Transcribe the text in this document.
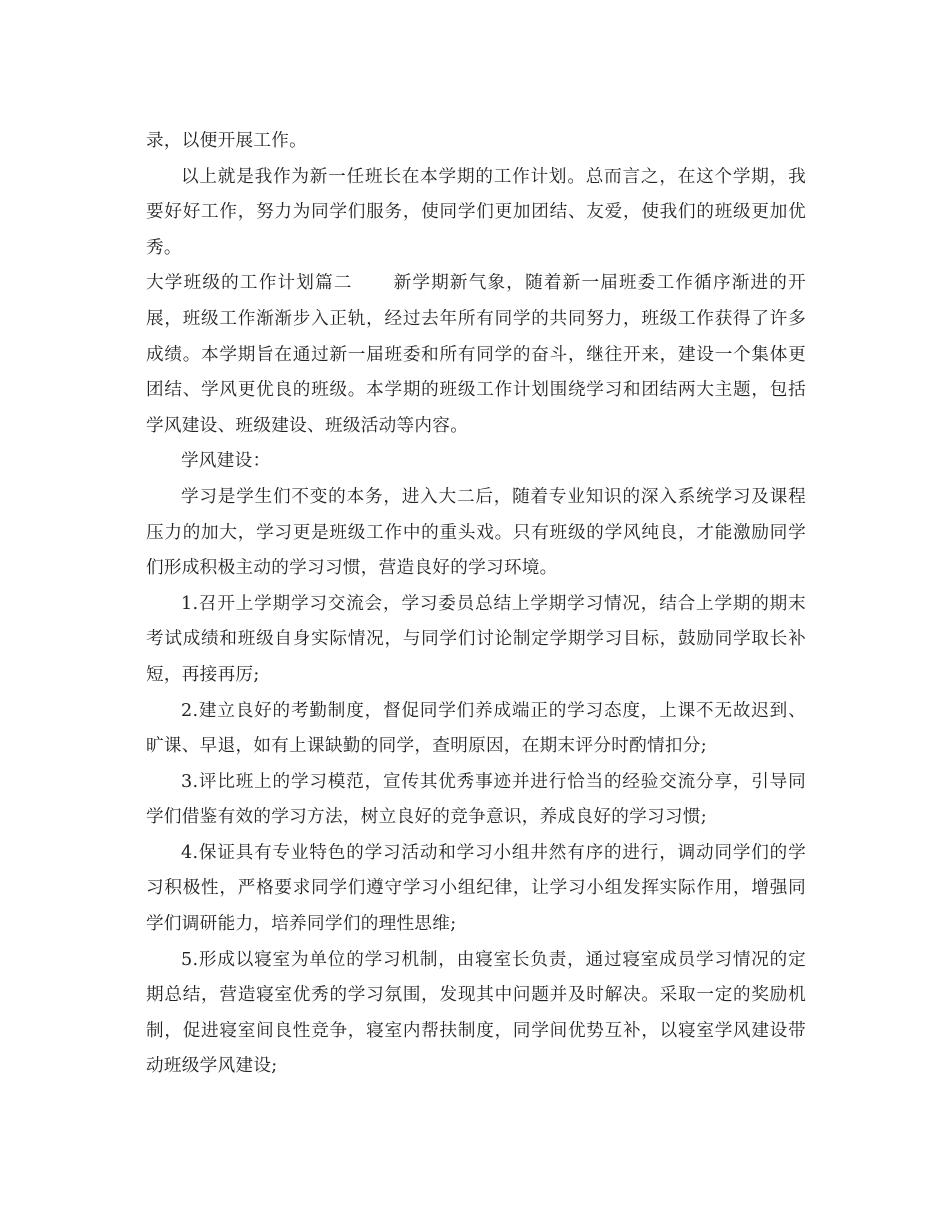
录，以便开展工作。

以上就是我作为新一任班长在本学期的工作计划。总而言之，在这个学期，我要好好工作，努力为同学们服务，使同学们更加团结、友爱，使我们的班级更加优秀。

大学班级的工作计划篇二 新学期新气象，随着新一届班委工作循序渐进的开展，班级工作渐渐步入正轨，经过去年所有同学的共同努力，班级工作获得了许多成绩。本学期旨在通过新一届班委和所有同学的奋斗，继往开来，建设一个集体更团结、学风更优良的班级。本学期的班级工作计划围绕学习和团结两大主题，包括学风建设、班级建设、班级活动等内容。

学风建设：

学习是学生们不变的本务，进入大二后，随着专业知识的深入系统学习及课程压力的加大，学习更是班级工作中的重头戏。只有班级的学风纯良，才能激励同学们形成积极主动的学习习惯，营造良好的学习环境。

1.召开上学期学习交流会，学习委员总结上学期学习情况，结合上学期的期末考试成绩和班级自身实际情况，与同学们讨论制定学期学习目标，鼓励同学取长补短，再接再厉;

2.建立良好的考勤制度，督促同学们养成端正的学习态度，上课不无故迟到、旷课、早退，如有上课缺勤的同学，查明原因，在期末评分时酌情扣分;

3.评比班上的学习模范，宣传其优秀事迹并进行恰当的经验交流分享，引导同学们借鉴有效的学习方法，树立良好的竞争意识，养成良好的学习习惯;

4.保证具有专业特色的学习活动和学习小组井然有序的进行，调动同学们的学习积极性，严格要求同学们遵守学习小组纪律，让学习小组发挥实际作用，增强同学们调研能力，培养同学们的理性思维;

5.形成以寝室为单位的学习机制，由寝室长负责，通过寝室成员学习情况的定期总结，营造寝室优秀的学习氛围，发现其中问题并及时解决。采取一定的奖励机制，促进寝室间良性竞争，寝室内帮扶制度，同学间优势互补，以寝室学风建设带动班级学风建设;
